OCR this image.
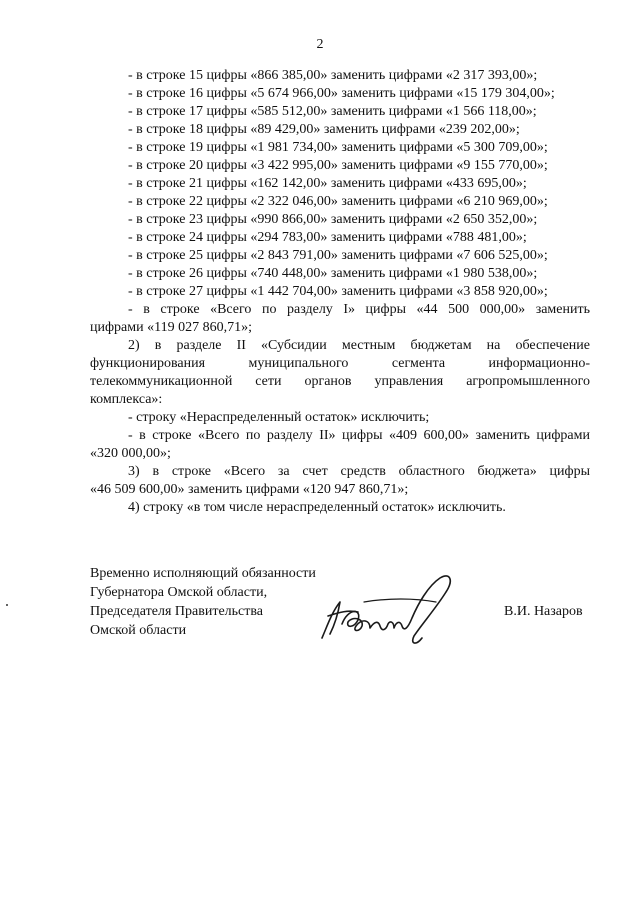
2
- в строке 15 цифры «866 385,00» заменить цифрами «2 317 393,00»;
- в строке 16 цифры «5 674 966,00» заменить цифрами «15 179 304,00»;
- в строке 17 цифры «585 512,00» заменить цифрами «1 566 118,00»;
- в строке 18 цифры «89 429,00» заменить цифрами «239 202,00»;
- в строке 19 цифры «1 981 734,00» заменить цифрами «5 300 709,00»;
- в строке 20 цифры «3 422 995,00» заменить цифрами «9 155 770,00»;
- в строке 21 цифры «162 142,00» заменить цифрами «433 695,00»;
- в строке 22 цифры «2 322 046,00» заменить цифрами «6 210 969,00»;
- в строке 23 цифры «990 866,00» заменить цифрами «2 650 352,00»;
- в строке 24 цифры «294 783,00» заменить цифрами «788 481,00»;
- в строке 25 цифры «2 843 791,00» заменить цифрами «7 606 525,00»;
- в строке 26 цифры «740 448,00» заменить цифрами «1 980 538,00»;
- в строке 27 цифры «1 442 704,00» заменить цифрами «3 858 920,00»;
- в строке «Всего по разделу I» цифры «44 500 000,00» заменить
цифрами «119 027 860,71»;
2) в разделе II «Субсидии местным бюджетам на обеспечение
функционирования муниципального сегмента информационно-
телекоммуникационной сети органов управления агропромышленного
комплекса»:
- строку «Нераспределенный остаток» исключить;
- в строке «Всего по разделу II» цифры «409 600,00» заменить цифрами
«320 000,00»;
3) в строке «Всего за счет средств областного бюджета» цифры
«46 509 600,00» заменить цифрами «120 947 860,71»;
4) строку «в том числе нераспределенный остаток» исключить.
Временно исполняющий обязанности
Губернатора Омской области,
Председателя Правительства
Омской области
В.И. Назаров
